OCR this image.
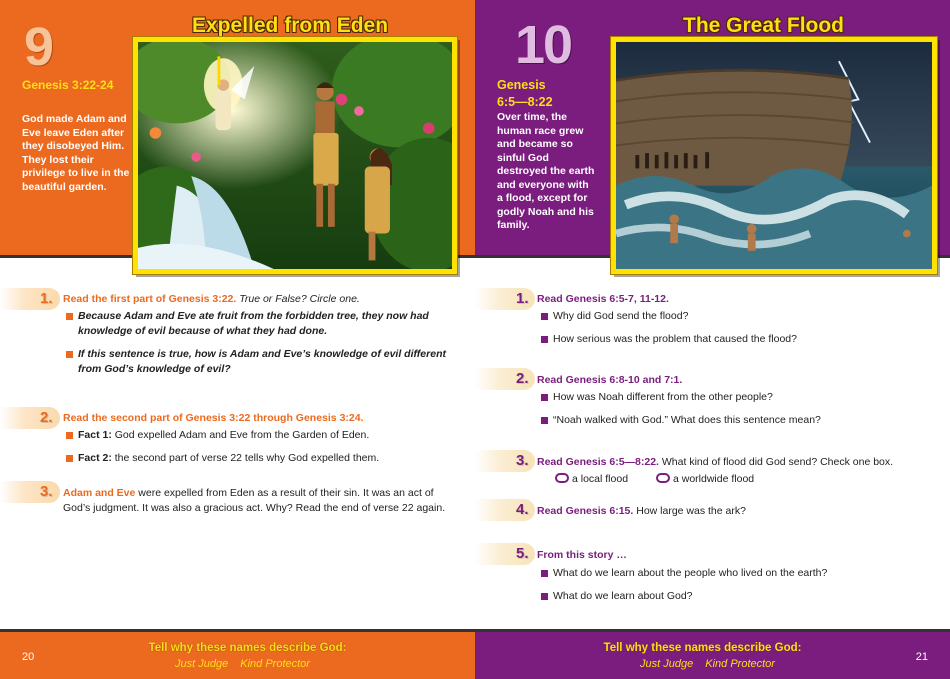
9	Expelled from Eden
Genesis 3:22-24
God made Adam and Eve leave Eden after they disobeyed Him. They lost their privilege to live in the beautiful garden.
1. Read the first part of Genesis 3:22. True or False? Circle one.
Because Adam and Eve ate fruit from the forbidden tree, they now had knowledge of evil because of what they had done.
If this sentence is true, how is Adam and Eve’s knowledge of evil different from God’s knowledge of evil?
2. Read the second part of Genesis 3:22 through Genesis 3:24.
Fact 1: God expelled Adam and Eve from the Garden of Eden.
Fact 2: the second part of verse 22 tells why God expelled them.
3. Adam and Eve were expelled from Eden as a result of their sin. It was an act of God’s judgment. It was also a gracious act. Why? Read the end of verse 22 again.
20
Tell why these names describe God:
Just Judge Kind Protector
10	The Great Flood
Genesis 6:5—8:22
Over time, the human race grew and became so sinful God destroyed the earth and everyone with a flood, except for godly Noah and his family.
1. Read Genesis 6:5-7, 11-12.
Why did God send the flood?
How serious was the problem that caused the flood?
2. Read Genesis 6:8-10 and 7:1.
How was Noah different from the other people?
“Noah walked with God.” What does this sentence mean?
3. Read Genesis 6:5—8:22. What kind of flood did God send? Check one box.
a local flood	a worldwide flood
4. Read Genesis 6:15. How large was the ark?
5. From this story …
What do we learn about the people who lived on the earth?
What do we learn about God?
21
Tell why these names describe God:
Just Judge Kind Protector
